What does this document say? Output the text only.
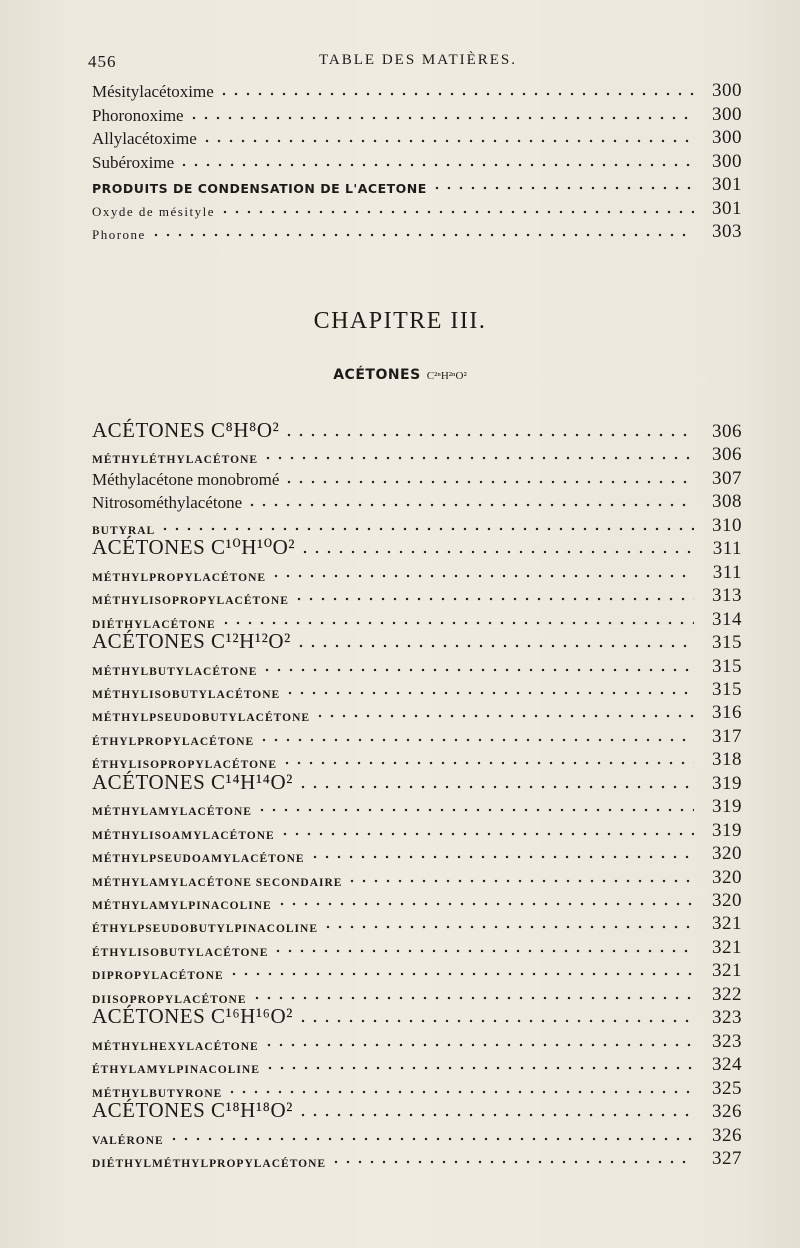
456	TABLE DES MATIÈRES.
Mésitylacétoxime	300
Phoronoxime	300
Allylacétoxime	300
Subéroxime	300
PRODUITS DE CONDENSATION DE L'ACETONE	301
Oxyde de mésityle	301
Phorone	303
CHAPITRE III.
ACÉTONES C²ⁿH²ⁿO²
ACÉTONES C⁸H⁸O²	306
MÉTHYLÉTHYLACÉTONE	306
Méthylacétone monobromé	307
Nitrosométhylacétone	308
BUTYRAL	310
ACÉTONES C¹⁰H¹⁰O²	311
MÉTHYLPROPYLACÉTONE	311
MÉTHYLISOPROPYLACÉTONE	313
DIÉTHYLACÉTONE	314
ACÉTONES C¹²H¹²O²	315
MÉTHYLBUTYLACÉTONE	315
MÉTHYLISOBUTYLACÉTONE	315
MÉTHYLPSEUDOBUTYLACÉTONE	316
ÉTHYLPROPYLACÉTONE	317
ÉTHYLISOPROPYLACÉTONE	318
ACÉTONES C¹⁴H¹⁴O²	319
MÉTHYLAMYLACÉTONE	319
MÉTHYLISOAMYLACÉTONE	319
MÉTHYLPSEUDOAMYLACÉTONE	320
MÉTHYLAMYLACÉTONE SECONDAIRE	320
MÉTHYLAMYLPINACOLINE	320
ÉTHYLPSEUDOBUTYLPINACOLINE	321
ÉTHYLISOBUTYLACÉTONE	321
DIPROPYLACÉTONE	321
DIISOPROPYLACÉTONE	322
ACÉTONES C¹⁶H¹⁶O²	323
MÉTHYLHEXYLACÉTONE	323
ÉTHYLAMYLPINACOLINE	324
MÉTHYLBUTYRONE	325
ACÉTONES C¹⁸H¹⁸O²	326
VALÉRONE	326
DIÉTHYLMÉTHYLPROPYLACÉTONE	327
